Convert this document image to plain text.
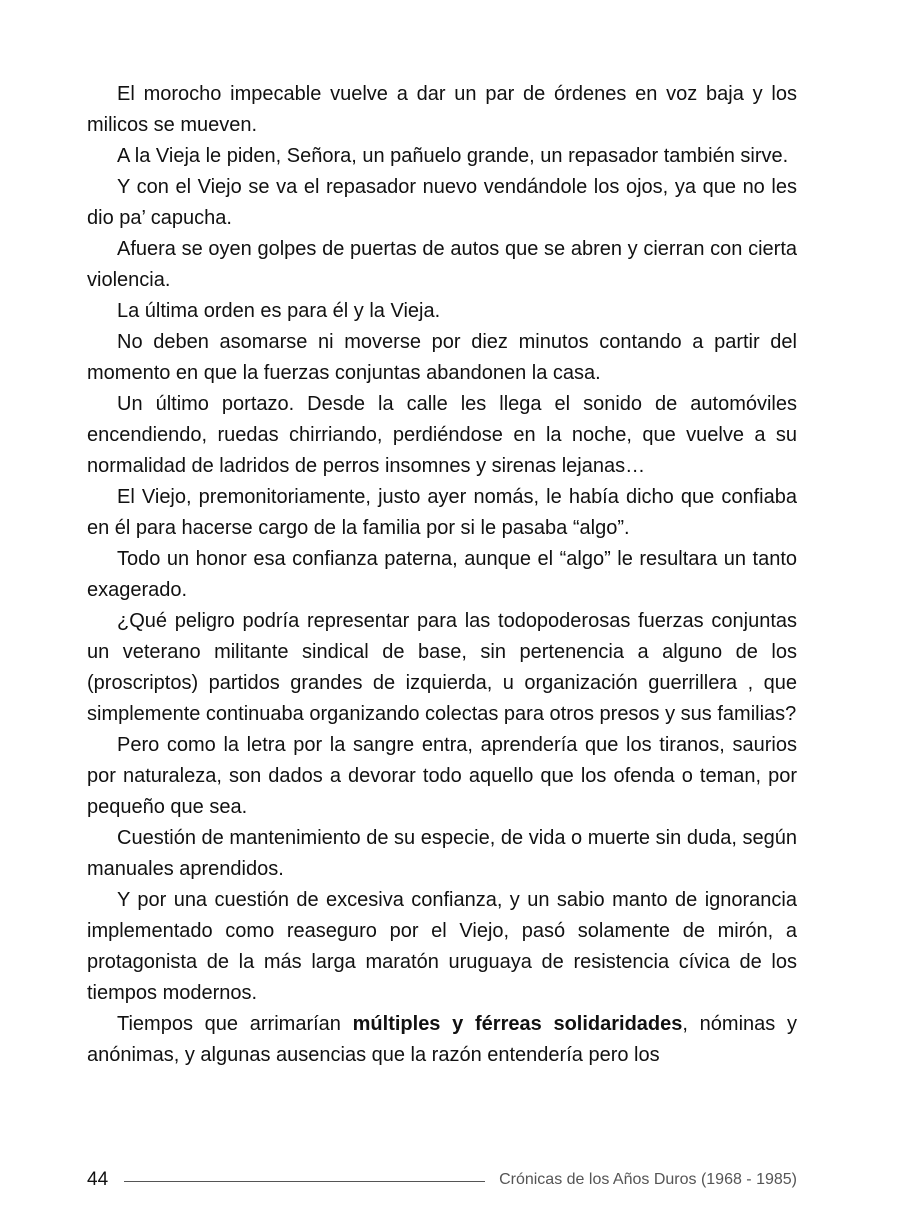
El morocho impecable vuelve a dar un par de órdenes en voz baja y los milicos se mueven.

A la Vieja le piden, Señora, un pañuelo grande, un repasador también sirve.

Y con el Viejo se va el repasador nuevo vendándole los ojos, ya que no les dio pa’ capucha.

Afuera se oyen golpes de puertas de autos que se abren y cierran con cierta violencia.

La última orden es para él y la Vieja.

No deben asomarse ni moverse por diez minutos contando a partir del momento en que la fuerzas conjuntas abandonen la casa.

Un último portazo. Desde la calle les llega el sonido de automóviles encendiendo, ruedas chirriando, perdiéndose en la noche, que vuelve a su normalidad de ladridos de perros insomnes y sirenas lejanas…

El Viejo, premonitoriamente, justo ayer nomás, le había dicho que confiaba en él para hacerse cargo de la familia por si le pasaba “algo”.

Todo un honor esa confianza paterna, aunque el “algo” le resultara un tanto exagerado.

¿Qué peligro podría representar para las todopoderosas fuerzas conjuntas un veterano militante sindical de base, sin pertenencia a alguno de los (proscriptos) partidos grandes de izquierda, u organización guerrillera , que simplemente continuaba organizando colectas para otros presos y sus familias?

Pero como la letra por la sangre entra, aprendería que los tiranos, saurios por naturaleza, son dados a devorar todo aquello que los ofenda o teman, por pequeño que sea.

Cuestión de mantenimiento de su especie, de vida o muerte sin duda, según manuales aprendidos.

Y por una cuestión de excesiva confianza, y un sabio manto de ignorancia implementado como reaseguro por el Viejo, pasó solamente de mirón, a protagonista de la más larga maratón uruguaya de resistencia cívica de los tiempos modernos.

Tiempos que arrimarían múltiples y férreas solidaridades, nóminas y anónimas, y algunas ausencias que la razón entendería pero los

44	Crónicas de los Años Duros (1968 - 1985)
